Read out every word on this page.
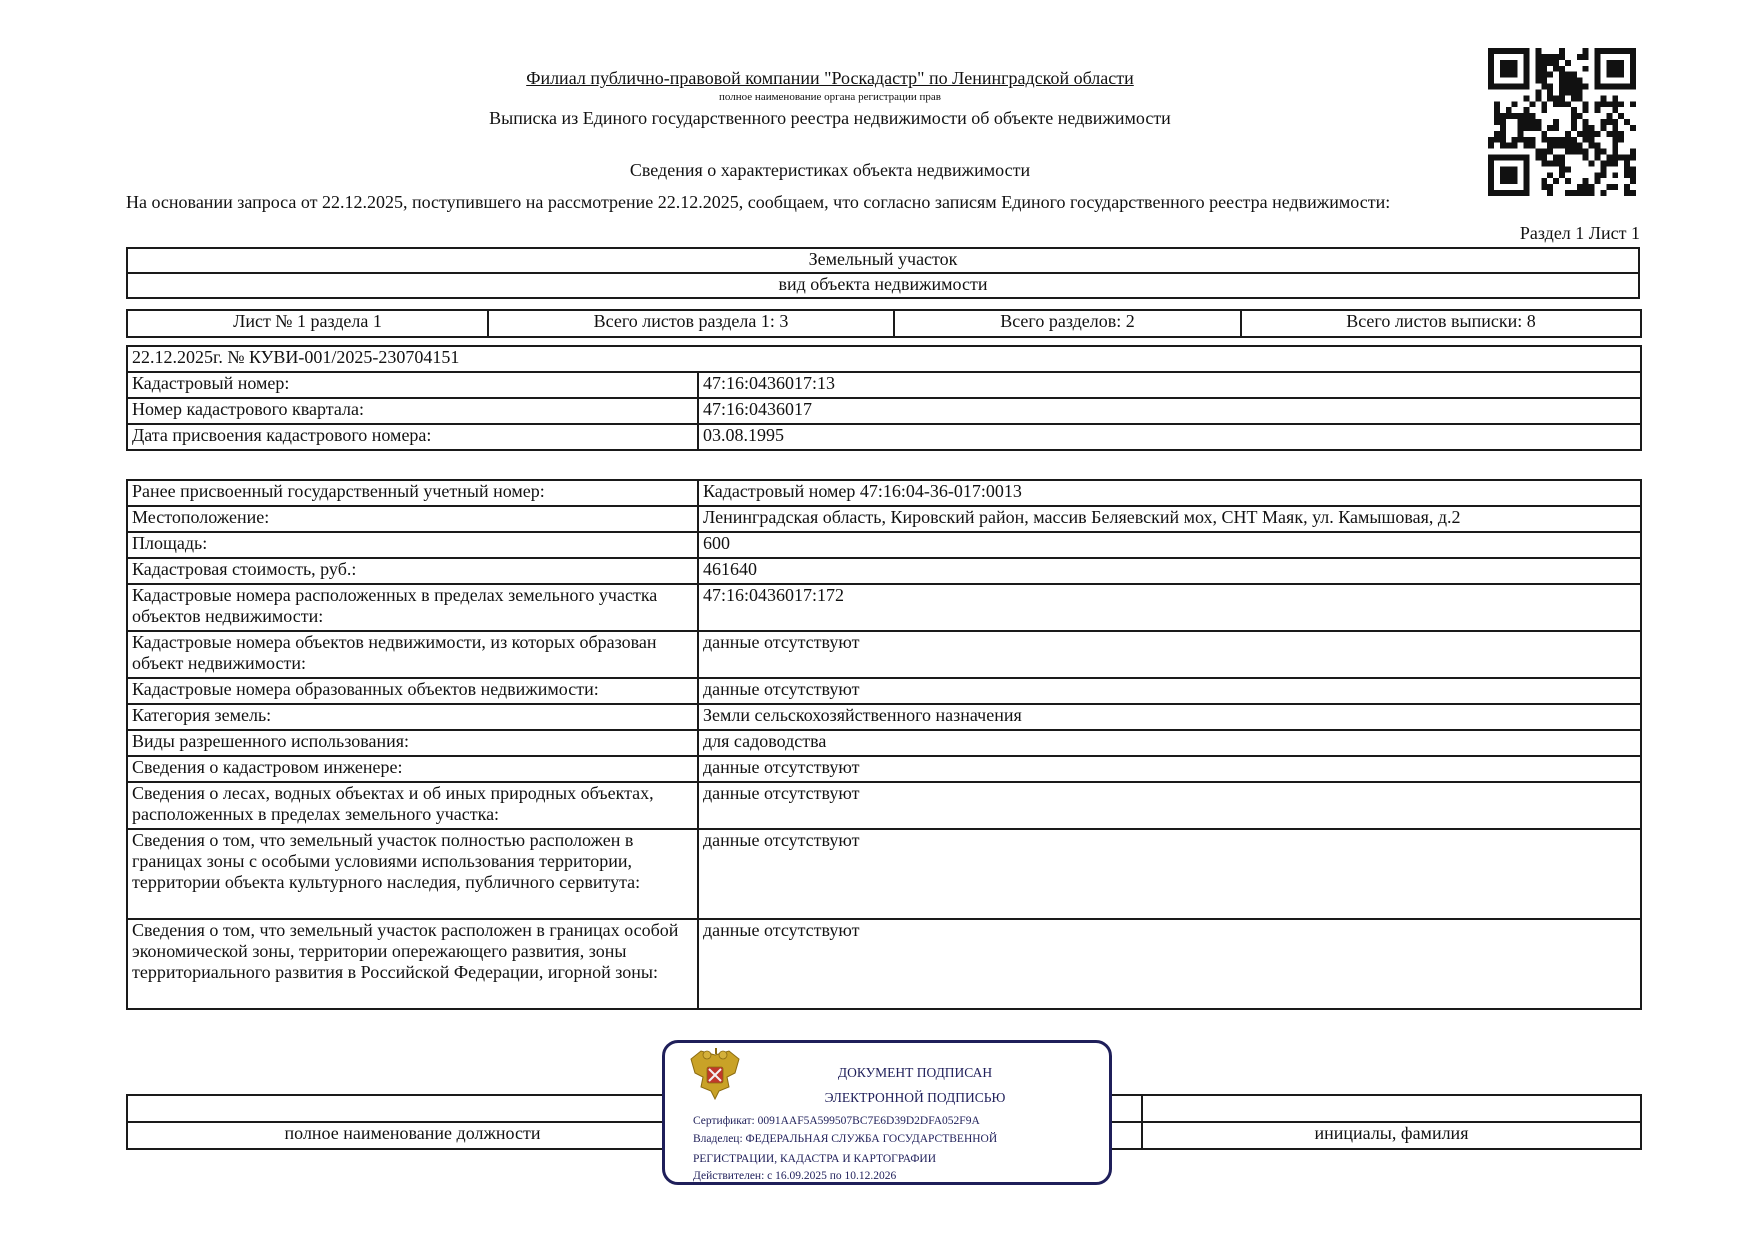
Филиал публично-правовой компании "Роскадастр" по Ленинградской области
полное наименование органа регистрации прав
Выписка из Единого государственного реестра недвижимости об объекте недвижимости
Сведения о характеристиках объекта недвижимости
На основании запроса от 22.12.2025, поступившего на рассмотрение 22.12.2025, сообщаем, что согласно записям Единого государственного реестра недвижимости:
Раздел 1 Лист 1
Земельный участок
вид объекта недвижимости
Лист № 1 раздела 1	Всего листов раздела 1: 3	Всего разделов: 2	Всего листов выписки: 8
22.12.2025г. № КУВИ-001/2025-230704151	
Кадастровый номер:	47:16:0436017:13
Номер кадастрового квартала:	47:16:0436017
Дата присвоения кадастрового номера:	03.08.1995
Ранее присвоенный государственный учетный номер:	Кадастровый номер 47:16:04-36-017:0013
Местоположение:	Ленинградская область, Кировский район, массив Беляевский мох, СНТ Маяк, ул. Камышовая, д.2
Площадь:	600
Кадастровая стоимость, руб.:	461640
Кадастровые номера расположенных в пределах земельного участка объектов недвижимости:	47:16:0436017:172
Кадастровые номера объектов недвижимости, из которых образован объект недвижимости:	данные отсутствуют
Кадастровые номера образованных объектов недвижимости:	данные отсутствуют
Категория земель:	Земли сельскохозяйственного назначения
Виды разрешенного использования:	для садоводства
Сведения о кадастровом инженере:	данные отсутствуют
Сведения о лесах, водных объектах и об иных природных объектах, расположенных в пределах земельного участка:	данные отсутствуют
Сведения о том, что земельный участок полностью расположен в границах зоны с особыми условиями использования территории, территории объекта культурного наследия, публичного сервитута:	данные отсутствуют
Сведения о том, что земельный участок расположен в границах особой экономической зоны, территории опережающего развития, зоны территориального развития в Российской Федерации, игорной зоны:	данные отсутствуют

полное наименование должности		инициалы, фамилия
ДОКУМЕНТ ПОДПИСАН
ЭЛЕКТРОННОЙ ПОДПИСЬЮ
Сертификат: 0091AAF5A599507BC7E6D39D2DFA052F9A
Владелец: ФЕДЕРАЛЬНАЯ СЛУЖБА ГОСУДАРСТВЕННОЙ
РЕГИСТРАЦИИ, КАДАСТРА И КАРТОГРАФИИ
Действителен: с 16.09.2025 по 10.12.2026
